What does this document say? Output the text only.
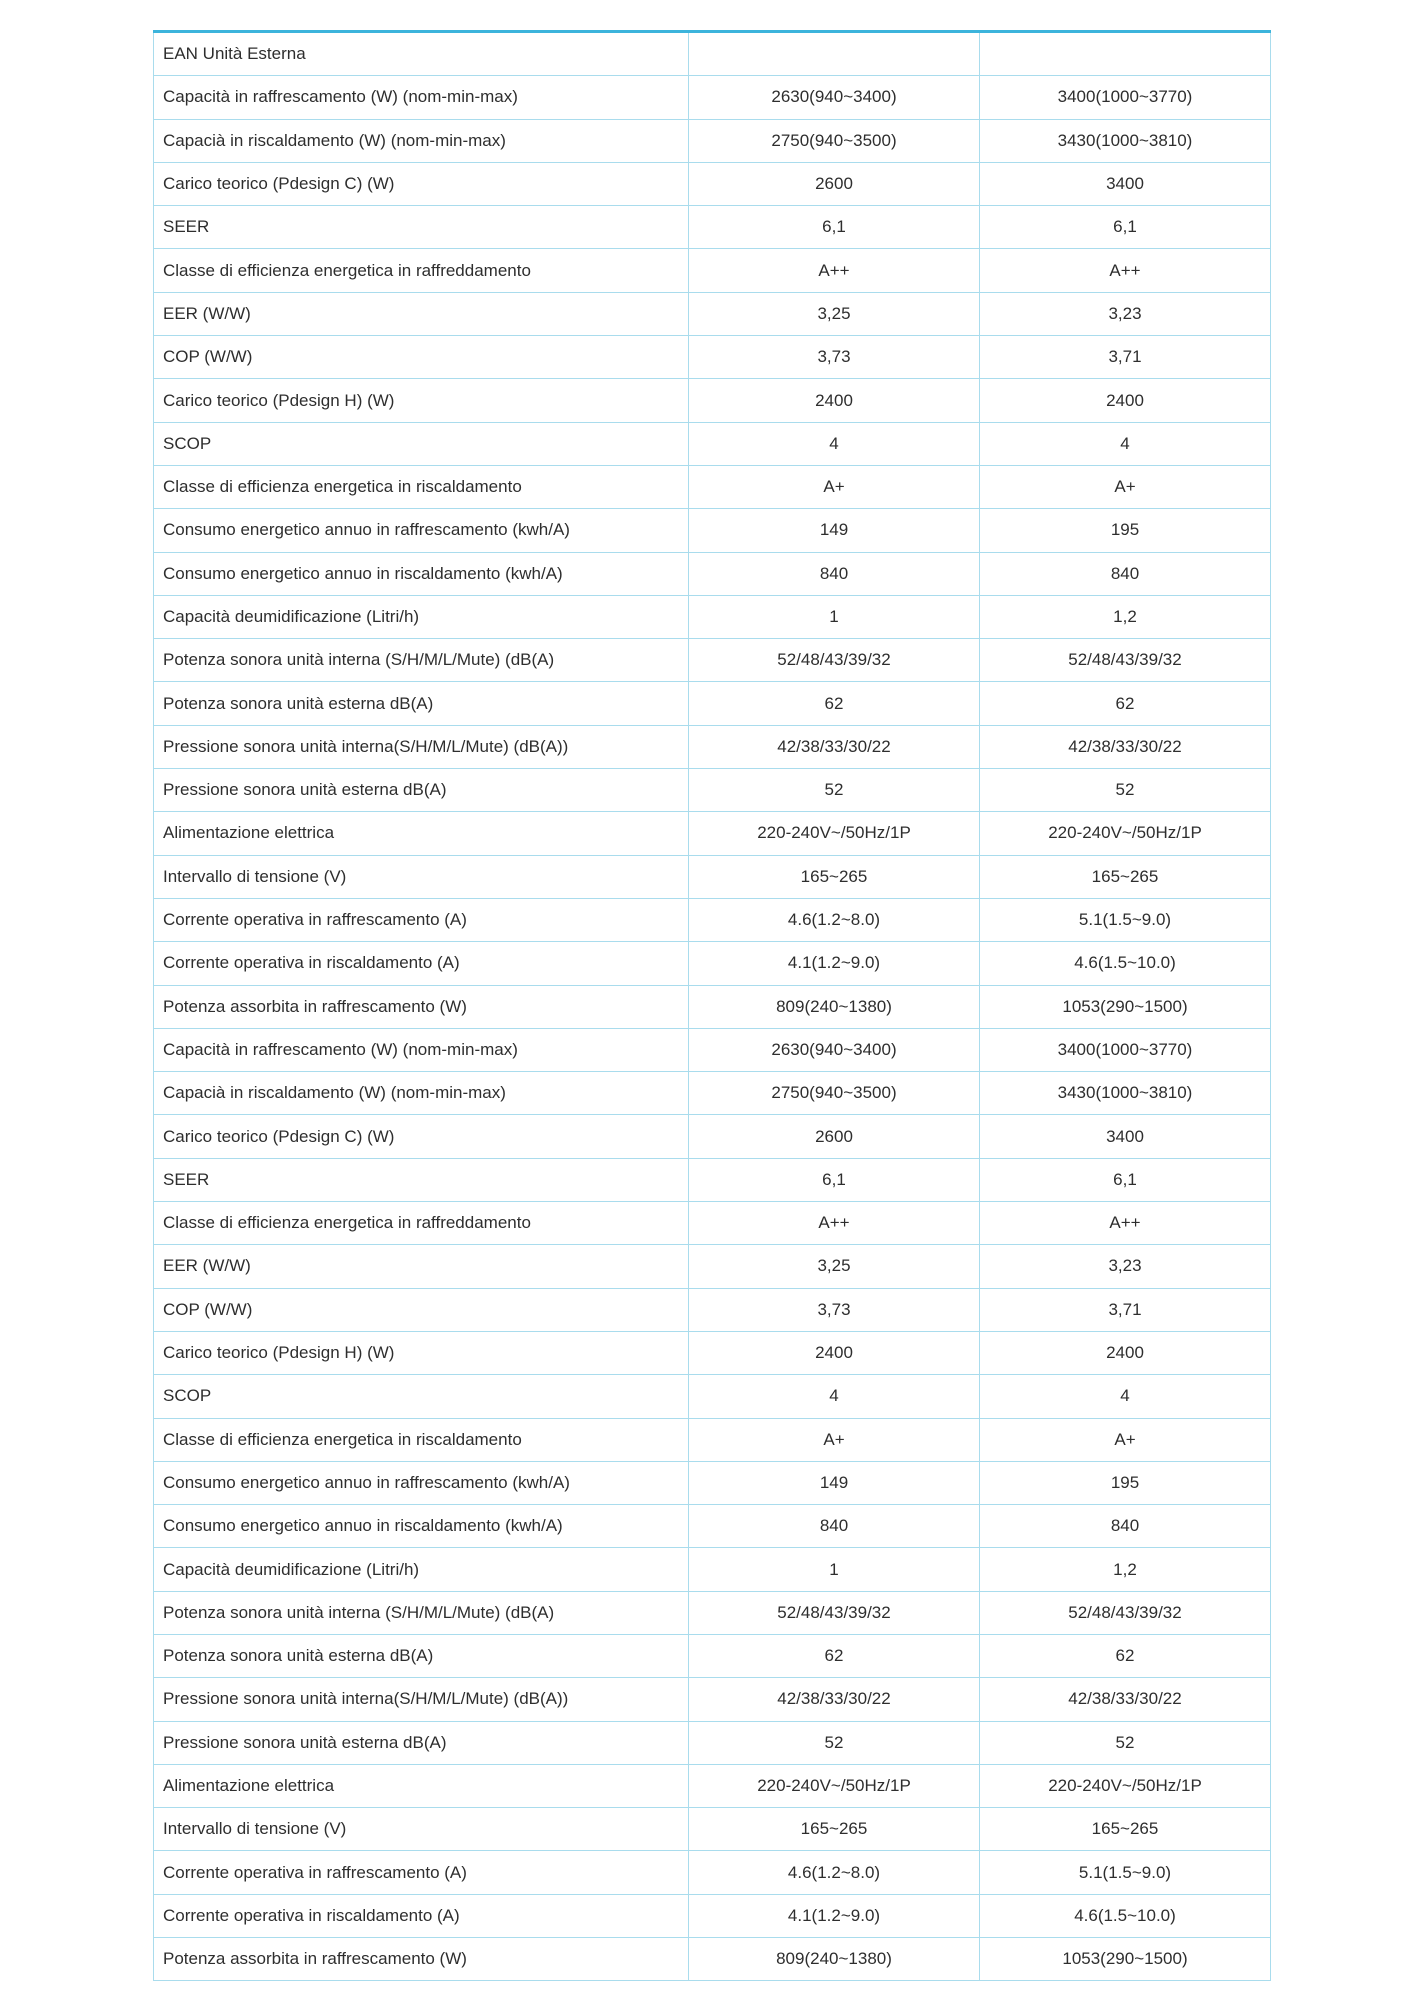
EAN Unità Esterna		
Capacità in raffrescamento (W) (nom-min-max)	2630(940~3400)	3400(1000~3770)
Capacià in riscaldamento (W) (nom-min-max)	2750(940~3500)	3430(1000~3810)
Carico teorico (Pdesign C) (W)	2600	3400
SEER	6,1	6,1
Classe di efficienza energetica in raffreddamento	A++	A++
EER (W/W)	3,25	3,23
COP (W/W)	3,73	3,71
Carico teorico (Pdesign H) (W)	2400	2400
SCOP	4	4
Classe di efficienza energetica in riscaldamento	A+	A+
Consumo energetico annuo in raffrescamento (kwh/A)	149	195
Consumo energetico annuo in riscaldamento (kwh/A)	840	840
Capacità deumidificazione (Litri/h)	1	1,2
Potenza sonora unità interna (S/H/M/L/Mute) (dB(A)	52/48/43/39/32	52/48/43/39/32
Potenza sonora unità esterna dB(A)	62	62
Pressione sonora unità interna(S/H/M/L/Mute) (dB(A))	42/38/33/30/22	42/38/33/30/22
Pressione sonora unità esterna dB(A)	52	52
Alimentazione elettrica	220-240V~/50Hz/1P	220-240V~/50Hz/1P
Intervallo di tensione (V)	165~265	165~265
Corrente operativa in raffrescamento (A)	4.6(1.2~8.0)	5.1(1.5~9.0)
Corrente operativa in riscaldamento (A)	4.1(1.2~9.0)	4.6(1.5~10.0)
Potenza assorbita in raffrescamento (W)	809(240~1380)	1053(290~1500)
Capacità in raffrescamento (W) (nom-min-max)	2630(940~3400)	3400(1000~3770)
Capacià in riscaldamento (W) (nom-min-max)	2750(940~3500)	3430(1000~3810)
Carico teorico (Pdesign C) (W)	2600	3400
SEER	6,1	6,1
Classe di efficienza energetica in raffreddamento	A++	A++
EER (W/W)	3,25	3,23
COP (W/W)	3,73	3,71
Carico teorico (Pdesign H) (W)	2400	2400
SCOP	4	4
Classe di efficienza energetica in riscaldamento	A+	A+
Consumo energetico annuo in raffrescamento (kwh/A)	149	195
Consumo energetico annuo in riscaldamento (kwh/A)	840	840
Capacità deumidificazione (Litri/h)	1	1,2
Potenza sonora unità interna (S/H/M/L/Mute) (dB(A)	52/48/43/39/32	52/48/43/39/32
Potenza sonora unità esterna dB(A)	62	62
Pressione sonora unità interna(S/H/M/L/Mute) (dB(A))	42/38/33/30/22	42/38/33/30/22
Pressione sonora unità esterna dB(A)	52	52
Alimentazione elettrica	220-240V~/50Hz/1P	220-240V~/50Hz/1P
Intervallo di tensione (V)	165~265	165~265
Corrente operativa in raffrescamento (A)	4.6(1.2~8.0)	5.1(1.5~9.0)
Corrente operativa in riscaldamento (A)	4.1(1.2~9.0)	4.6(1.5~10.0)
Potenza assorbita in raffrescamento (W)	809(240~1380)	1053(290~1500)
